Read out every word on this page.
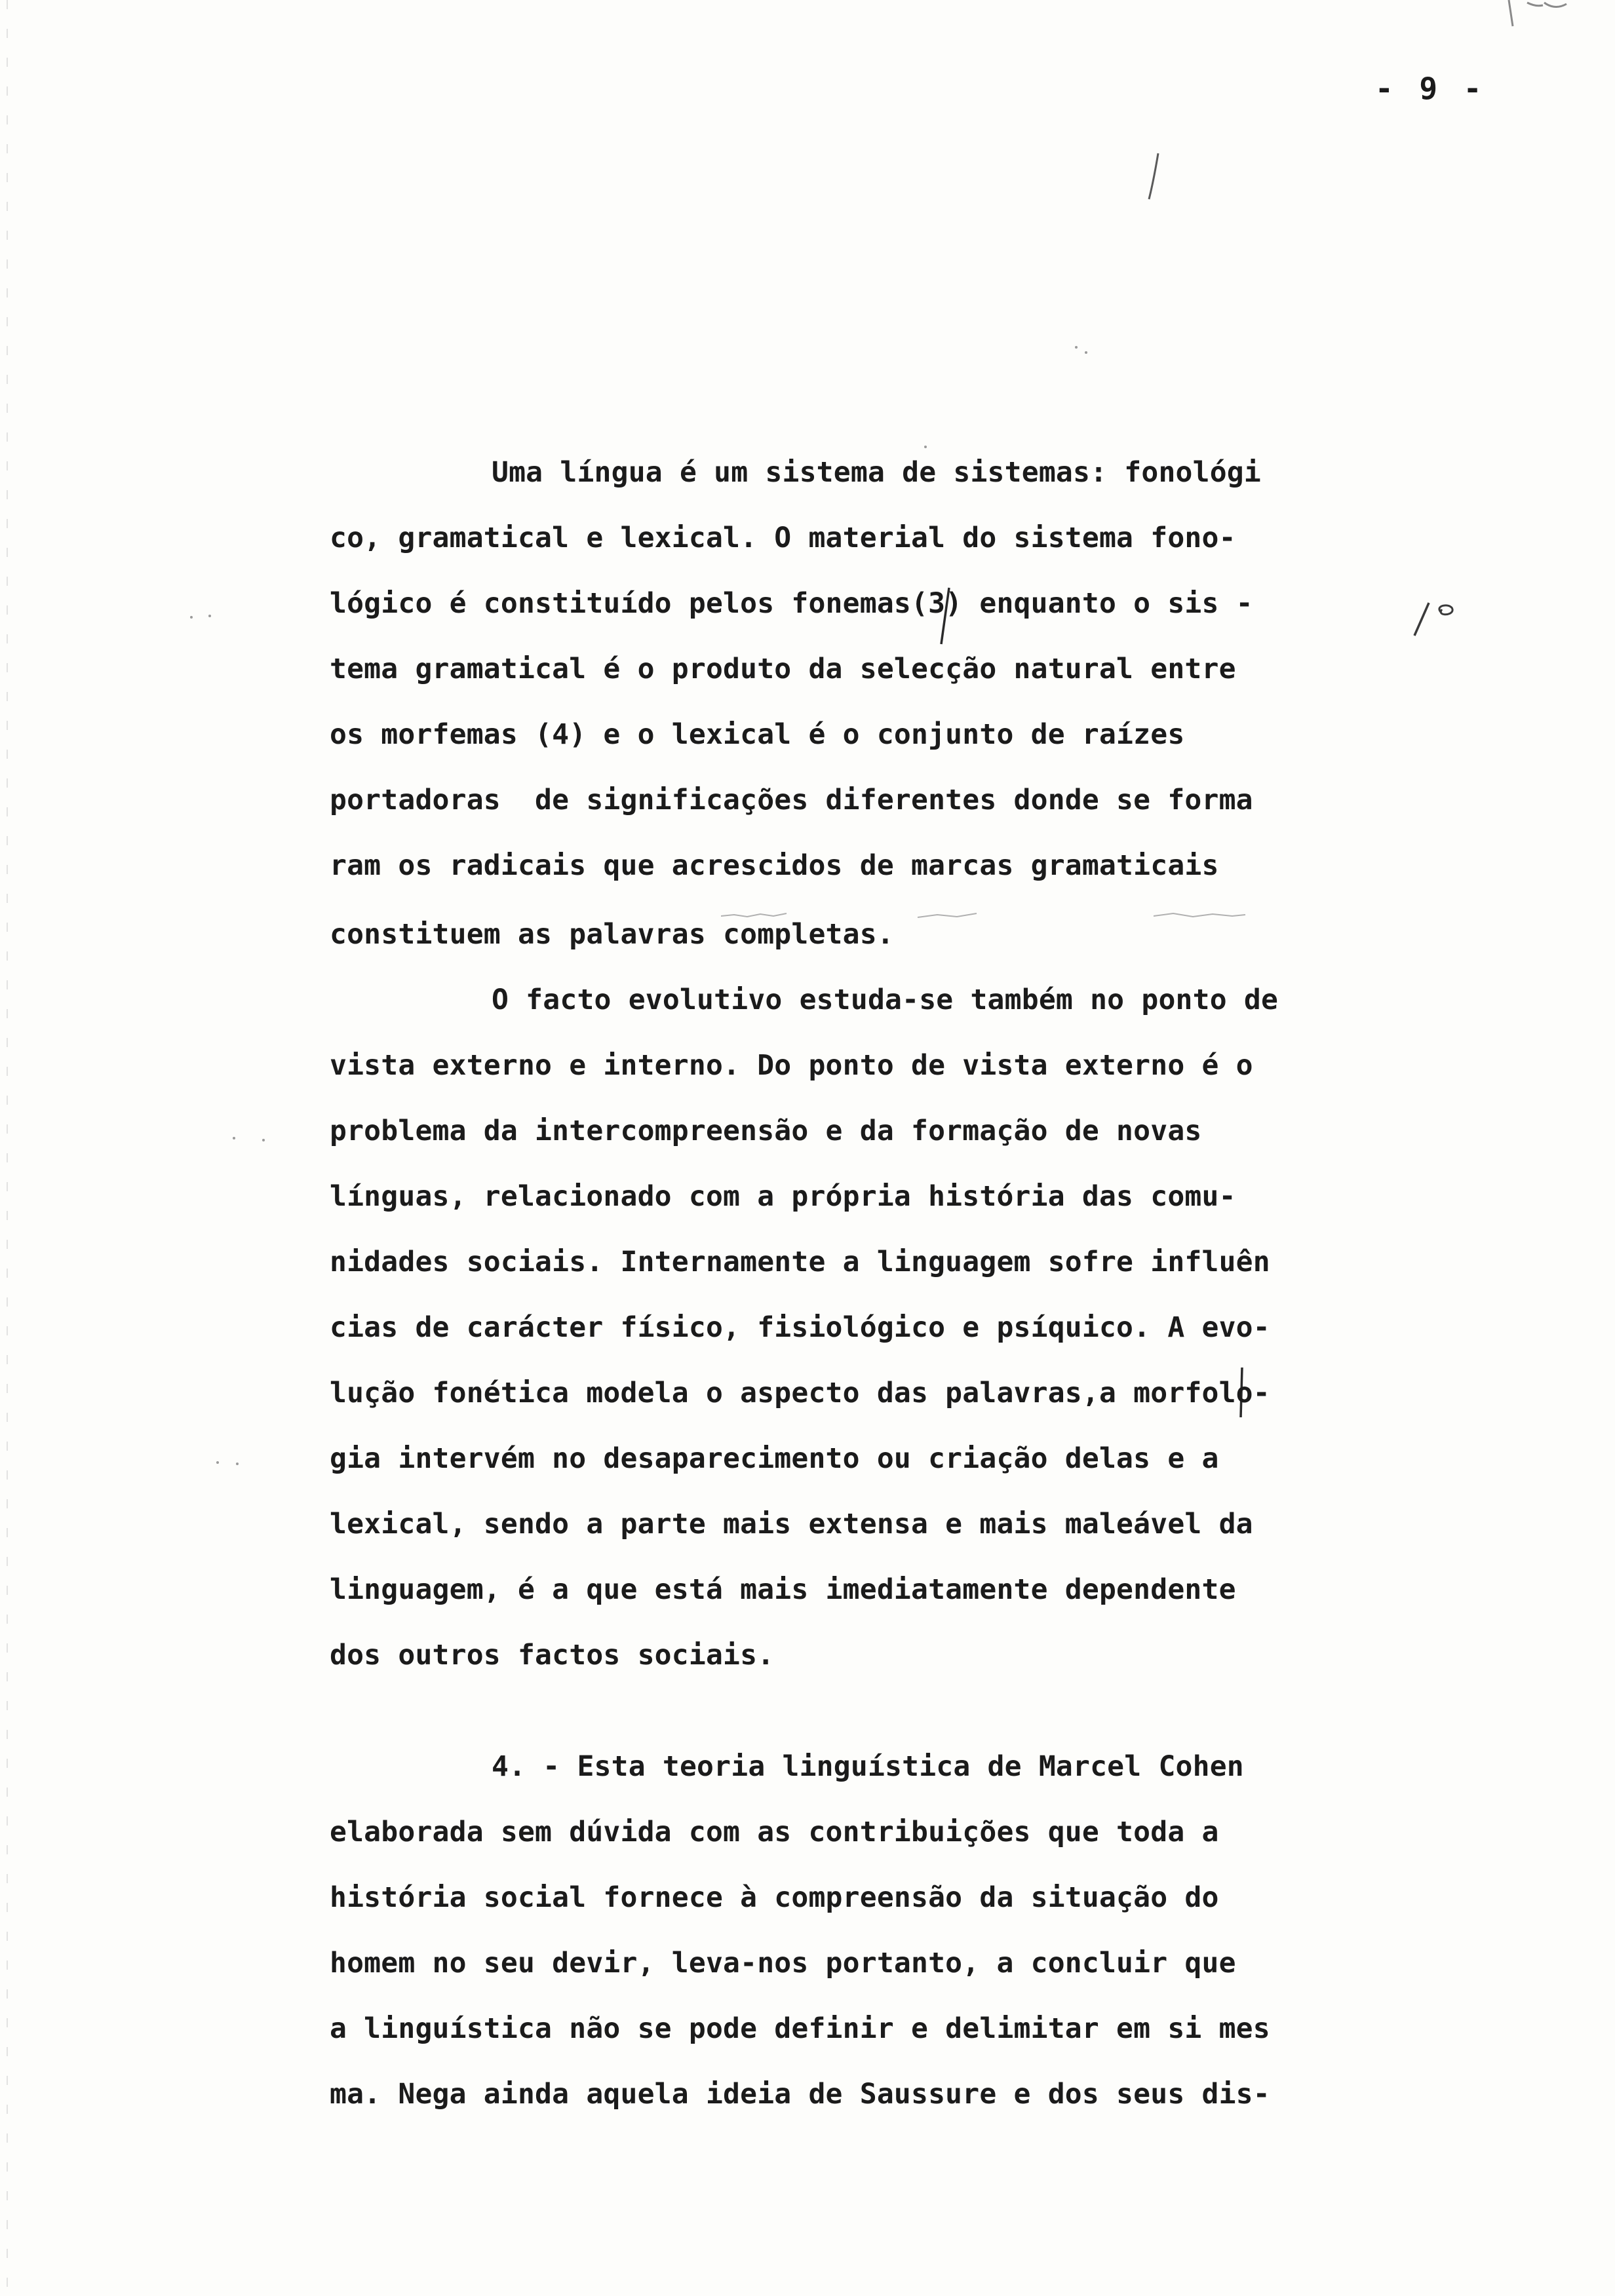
- 9 -
Uma língua é um sistema de sistemas: fonológi
co, gramatical e lexical. O material do sistema fono-
lógico é constituído pelos fonemas(3) enquanto o sis -
tema gramatical é o produto da selecção natural entre
os morfemas (4) e o lexical é o conjunto de raízes
portadoras  de significações diferentes donde se forma
ram os radicais que acrescidos de marcas gramaticais
constituem as palavras completas.
O facto evolutivo estuda-se também no ponto de
vista externo e interno. Do ponto de vista externo é o
problema da intercompreensão e da formação de novas
línguas, relacionado com a própria história das comu-
nidades sociais. Internamente a linguagem sofre influên
cias de carácter físico, fisiológico e psíquico. A evo-
lução fonética modela o aspecto das palavras,a morfolo-
gia intervém no desaparecimento ou criação delas e a
lexical, sendo a parte mais extensa e mais maleável da
linguagem, é a que está mais imediatamente dependente
dos outros factos sociais.
4. - Esta teoria linguística de Marcel Cohen
elaborada sem dúvida com as contribuições que toda a
história social fornece à compreensão da situação do
homem no seu devir, leva-nos portanto, a concluir que
a linguística não se pode definir e delimitar em si mes
ma. Nega ainda aquela ideia de Saussure e dos seus dis-
